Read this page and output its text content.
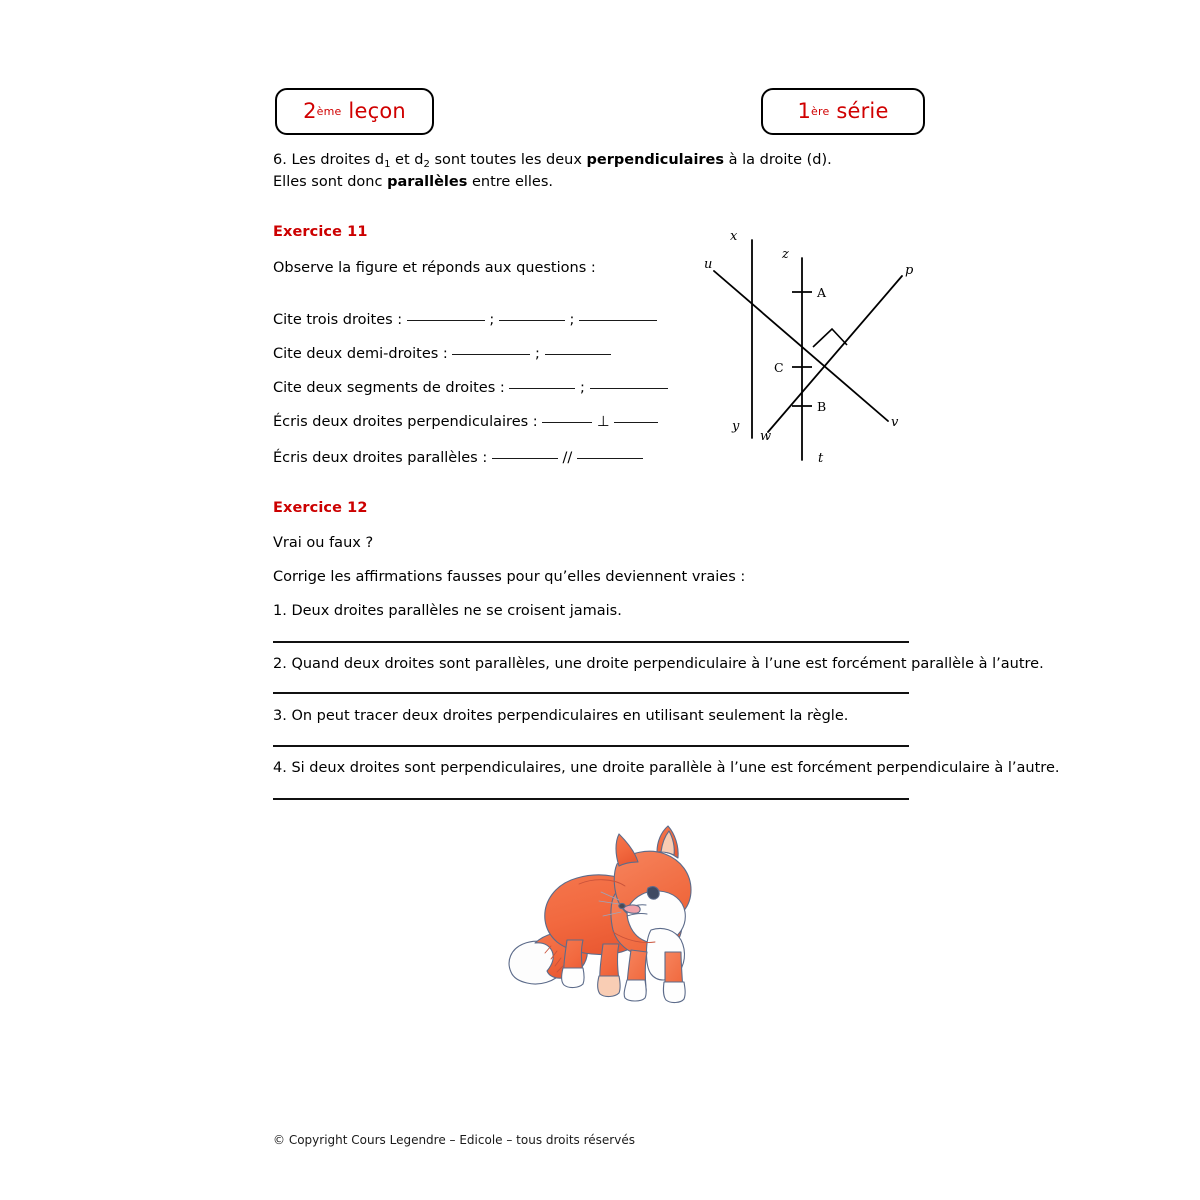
2 ème
leçon	1 ère
série
6. Les droites $d_1$ et $d_2$ sont toutes les deux perpendiculaires à la droite (d).
Elles sont donc parallèles entre elles.
Exercice 11
Observe la figure et réponds aux questions :
Cite trois droites :	;	;
Cite deux demi-droites :	;
Cite deux segments de droites :	;
Écris deux droites perpendiculaires :	⊥
Écris deux droites parallèles :	//
x
z
u	p
y
w
v
t
A
C
B
Exercice 12
Vrai ou faux ?
Corrige les affirmations fausses pour qu’elles deviennent vraies :
1. Deux droites parallèles ne se croisent jamais.
2. Quand deux droites sont parallèles, une droite perpendiculaire à l’une est forcément parallèle à l’autre.
3. On peut tracer deux droites perpendiculaires en utilisant seulement la règle.
4. Si deux droites sont perpendiculaires, une droite parallèle à l’une est forcément perpendiculaire à l’autre.
© Copyright Cours Legendre – Edicole – tous droits réservés
